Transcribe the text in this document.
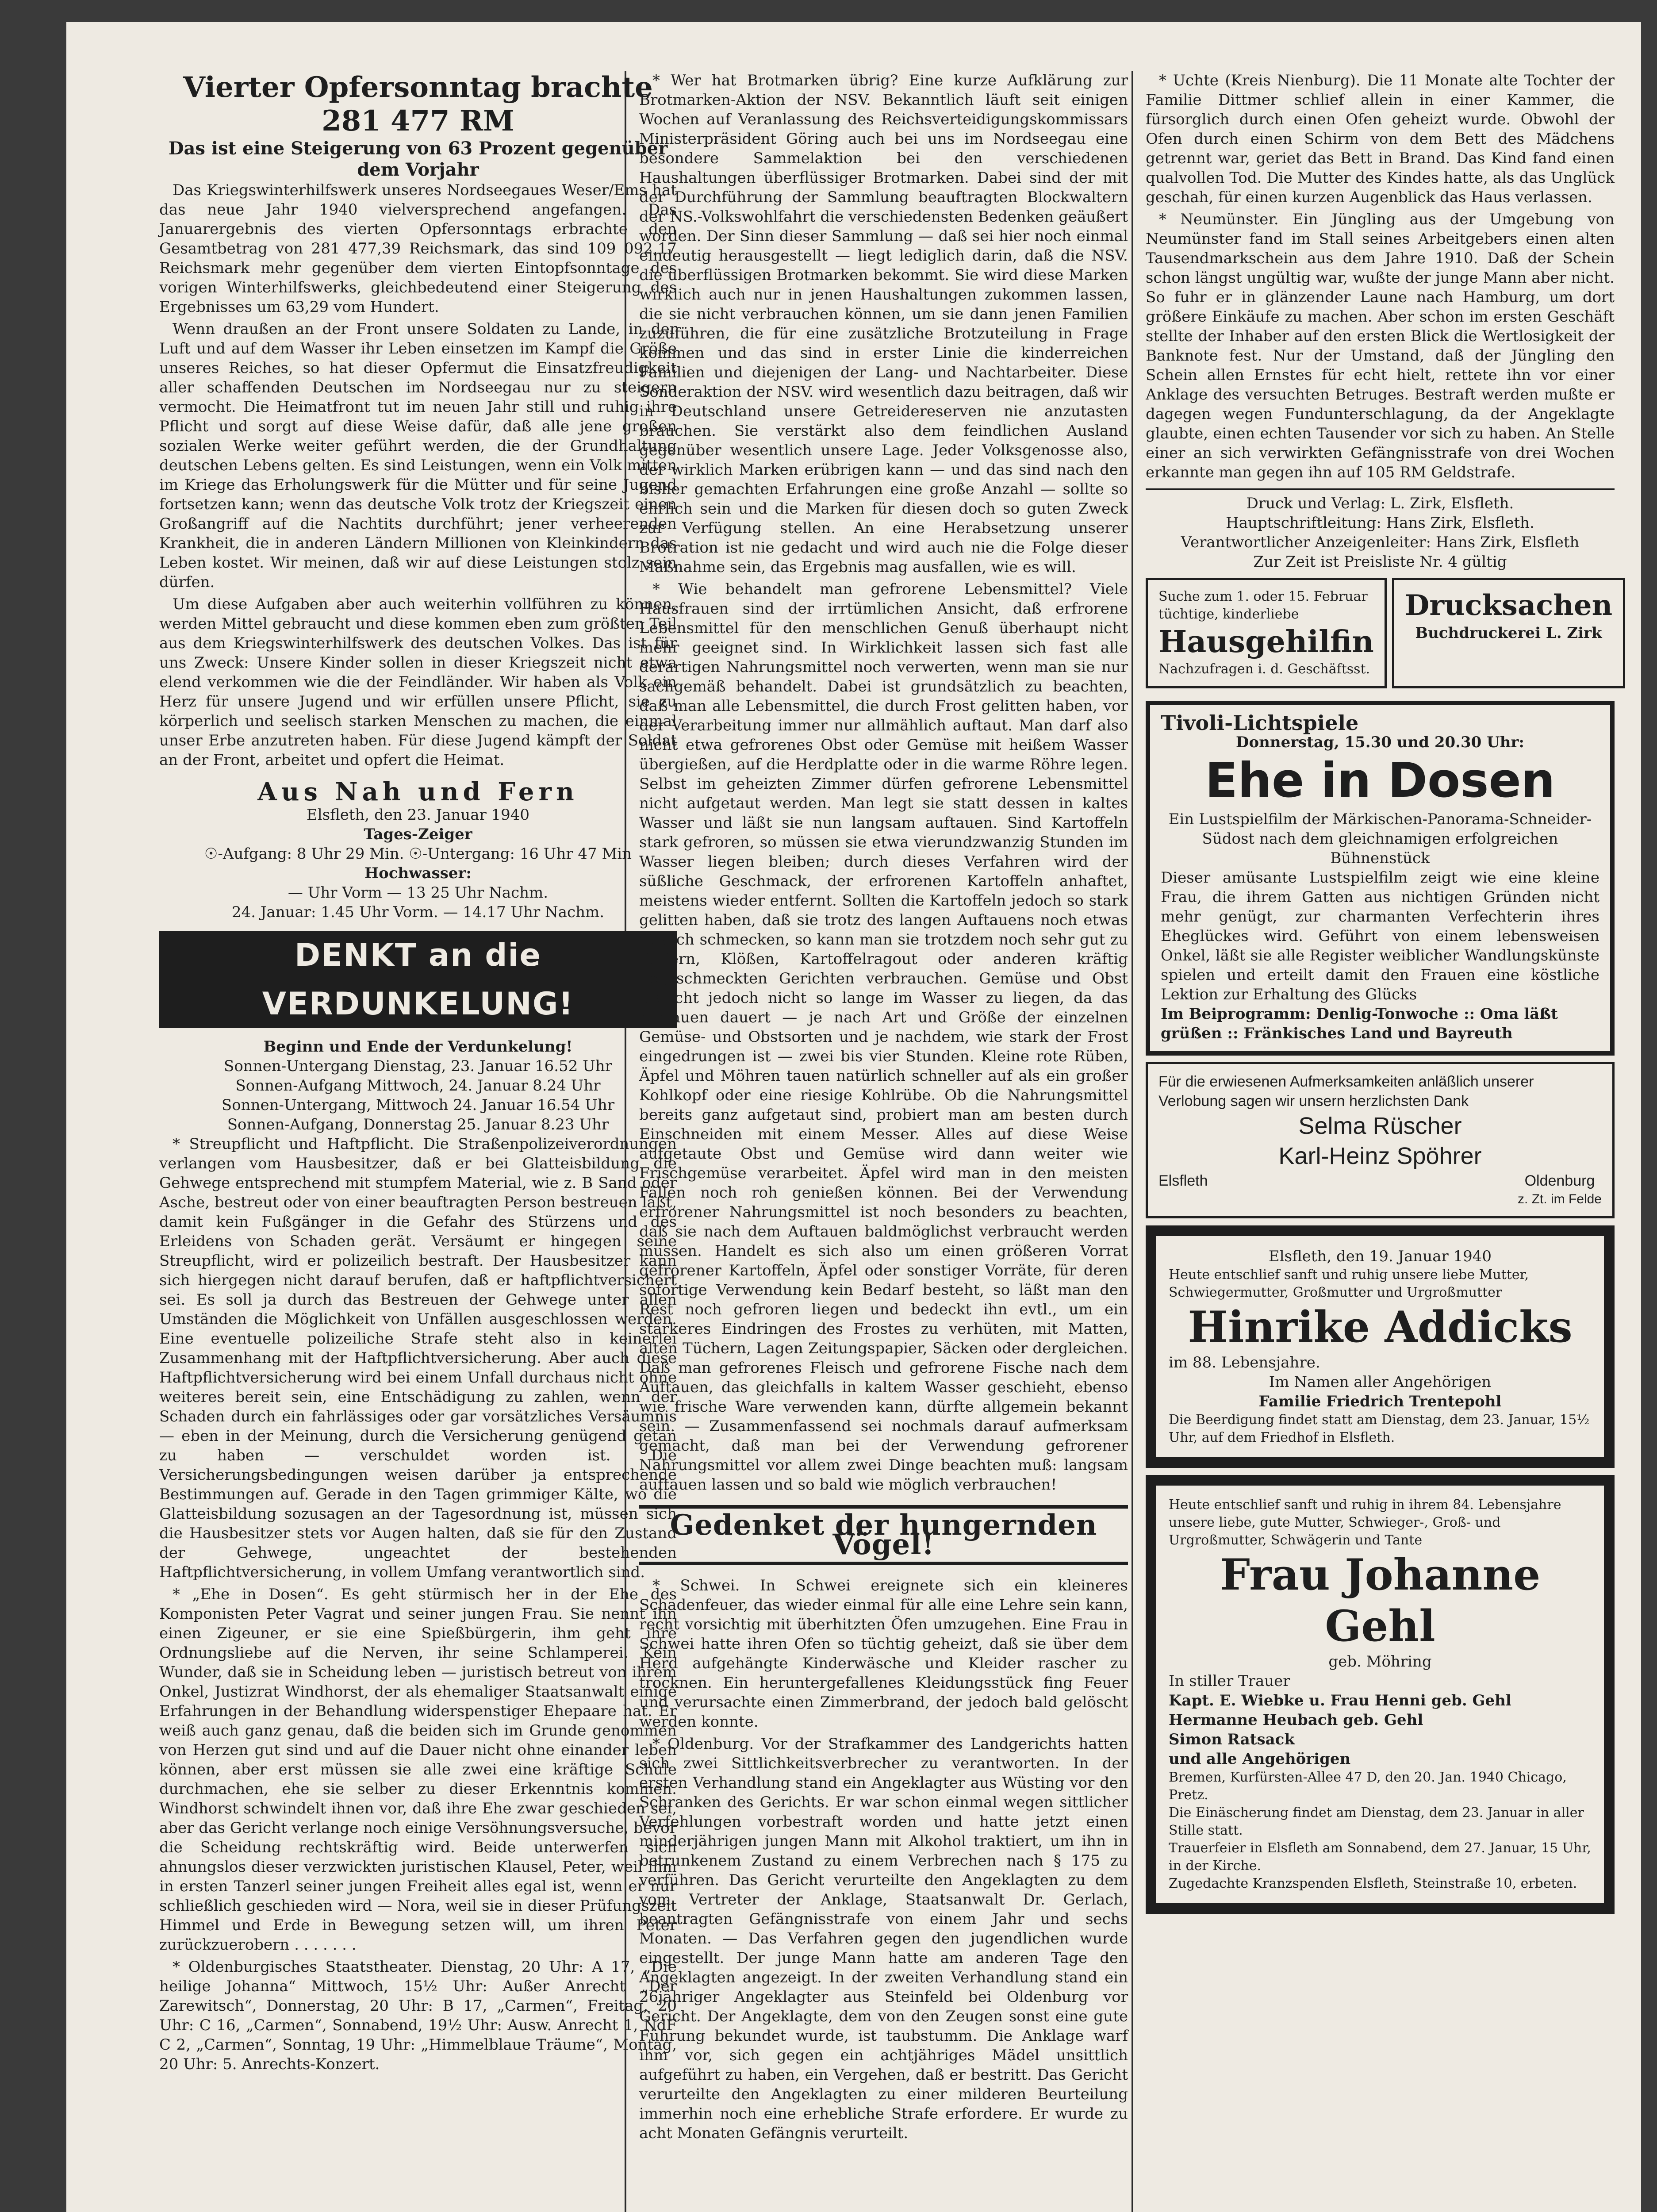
Vierter Opfersonntag brachte 281 477 RM
Das ist eine Steigerung von 63 Prozent gegenüber dem Vorjahr

Das Kriegswinterhilfswerk unseres Nordseegaues Weser/Ems hat das neue Jahr 1940 vielversprechend angefangen. Das Januarergebnis des vierten Opfersonntags erbrachte den Gesamtbetrag von 281 477,39 Reichsmark, das sind 109 092,17 Reichsmark mehr gegenüber dem vierten Eintopfsonntage des vorigen Winterhilfswerks, gleichbedeutend einer Steigerung des Ergebnisses um 63,29 vom Hundert.

Wenn draußen an der Front unsere Soldaten zu Lande, in der Luft und auf dem Wasser ihr Leben einsetzen im Kampf die Größe unseres Reiches, so hat dieser Opfermut die Einsatzfreudigkeit aller schaffenden Deutschen im Nordseegau nur zu steigern vermocht. Die Heimatfront tut im neuen Jahr still und ruhig ihre Pflicht und sorgt auf diese Weise dafür, daß alle jene großen sozialen Werke weiter geführt werden, die der Grundhaltung deutschen Lebens gelten. Es sind Leistungen, wenn ein Volk mitten im Kriege das Erholungswerk für die Mütter und für seine Jugend fortsetzen kann; wenn das deutsche Volk trotz der Kriegszeit einen Großangriff auf die Nachtits durchführt; jener verheerenden Krankheit, die in anderen Ländern Millionen von Kleinkindern das Leben kostet. Wir meinen, daß wir auf diese Leistungen stolz sein dürfen.

Um diese Aufgaben aber auch weiterhin vollführen zu können, werden Mittel gebraucht und diese kommen eben zum größten Teil aus dem Kriegswinterhilfswerk des deutschen Volkes. Das ist für uns Zweck: Unsere Kinder sollen in dieser Kriegszeit nicht etwa elend verkommen wie die der Feindländer. Wir haben als Volk ein Herz für unsere Jugend und wir erfüllen unsere Pflicht, sie zu körperlich und seelisch starken Menschen zu machen, die einmal unser Erbe anzutreten haben. Für diese Jugend kämpft der Soldat an der Front, arbeitet und opfert die Heimat.

Aus Nah und Fern
Elsfleth, den 23. Januar 1940
Tages-Zeiger
☉-Aufgang: 8 Uhr 29 Min. ☉-Untergang: 16 Uhr 47 Min
Hochwasser:
— Uhr Vorm — 13 25 Uhr Nachm.
24. Januar: 1.45 Uhr Vorm. — 14.17 Uhr Nachm.
DENKT an die VERDUNKELUNG!
Beginn und Ende der Verdunkelung!
Sonnen-Untergang Dienstag, 23. Januar 16.52 Uhr
Sonnen-Aufgang Mittwoch, 24. Januar 8.24 Uhr
Sonnen-Untergang, Mittwoch 24. Januar 16.54 Uhr
Sonnen-Aufgang, Donnerstag 25. Januar 8.23 Uhr

* Streupflicht und Haftpflicht. Die Straßenpolizeiverordnungen verlangen vom Hausbesitzer, daß er bei Glatteisbildung die Gehwege entsprechend mit stumpfem Material, wie z. B Sand oder Asche, bestreut oder von einer beauftragten Person bestreuen läßt, damit kein Fußgänger in die Gefahr des Stürzens und des Erleidens von Schaden gerät. Versäumt er hingegen seine Streupflicht, wird er polizeilich bestraft. Der Hausbesitzer kann sich hiergegen nicht darauf berufen, daß er haftpflichtversichert sei. Es soll ja durch das Bestreuen der Gehwege unter allen Umständen die Möglichkeit von Unfällen ausgeschlossen werden. Eine eventuelle polizeiliche Strafe steht also in keinerlei Zusammenhang mit der Haftpflichtversicherung. Aber auch diese Haftpflichtversicherung wird bei einem Unfall durchaus nicht ohne weiteres bereit sein, eine Entschädigung zu zahlen, wenn der Schaden durch ein fahrlässiges oder gar vorsätzliches Versäumnis — eben in der Meinung, durch die Versicherung genügend getan zu haben — verschuldet worden ist. Die Versicherungsbedingungen weisen darüber ja entsprechende Bestimmungen auf. Gerade in den Tagen grimmiger Kälte, wo die Glatteisbildung sozusagen an der Tagesordnung ist, müssen sich die Hausbesitzer stets vor Augen halten, daß sie für den Zustand der Gehwege, ungeachtet der bestehenden Haftpflichtversicherung, in vollem Umfang verantwortlich sind.

* „Ehe in Dosen“. Es geht stürmisch her in der Ehe des Komponisten Peter Vagrat und seiner jungen Frau. Sie nennt ihn einen Zigeuner, er sie eine Spießbürgerin, ihm geht ihre Ordnungsliebe auf die Nerven, ihr seine Schlamperei. Kein Wunder, daß sie in Scheidung leben — juristisch betreut von ihrem Onkel, Justizrat Windhorst, der als ehemaliger Staatsanwalt einige Erfahrungen in der Behandlung widerspenstiger Ehepaare hat. Er weiß auch ganz genau, daß die beiden sich im Grunde genommen von Herzen gut sind und auf die Dauer nicht ohne einander leben können, aber erst müssen sie alle zwei eine kräftige Schule durchmachen, ehe sie selber zu dieser Erkenntnis kommen. Windhorst schwindelt ihnen vor, daß ihre Ehe zwar geschieden sei, aber das Gericht verlange noch einige Versöhnungsversuche, bevor die Scheidung rechtskräftig wird. Beide unterwerfen sich ahnungslos dieser verzwickten juristischen Klausel, Peter, weil ihm in ersten Tanzerl seiner jungen Freiheit alles egal ist, wenn er nur schließlich geschieden wird — Nora, weil sie in dieser Prüfungszeit Himmel und Erde in Bewegung setzen will, um ihren Peter zurückzuerobern . . . . . . .

* Oldenburgisches Staatstheater. Dienstag, 20 Uhr: A 17, „Die heilige Johanna“ Mittwoch, 15½ Uhr: Außer Anrecht „Der Zarewitsch“, Donnerstag, 20 Uhr: B 17, „Carmen“, Freitag, 20 Uhr: C 16, „Carmen“, Sonnabend, 19½ Uhr: Ausw. Anrecht 1, NdF C 2, „Carmen“, Sonntag, 19 Uhr: „Himmelblaue Träume“, Montag, 20 Uhr: 5. Anrechts-Konzert.

* Wer hat Brotmarken übrig? Eine kurze Aufklärung zur Brotmarken-Aktion der NSV. Bekanntlich läuft seit einigen Wochen auf Veranlassung des Reichsverteidigungskommissars Ministerpräsident Göring auch bei uns im Nordseegau eine besondere Sammelaktion bei den verschiedenen Haushaltungen überflüssiger Brotmarken. Dabei sind der mit der Durchführung der Sammlung beauftragten Blockwaltern der NS.-Volkswohlfahrt die verschiedensten Bedenken geäußert worden. Der Sinn dieser Sammlung — daß sei hier noch einmal eindeutig herausgestellt — liegt lediglich darin, daß die NSV. die überflüssigen Brotmarken bekommt. Sie wird diese Marken wirklich auch nur in jenen Haushaltungen zukommen lassen, die sie nicht verbrauchen können, um sie dann jenen Familien zuzuführen, die für eine zusätzliche Brotzuteilung in Frage kommen und das sind in erster Linie die kinderreichen Familien und diejenigen der Lang- und Nachtarbeiter. Diese Sonderaktion der NSV. wird wesentlich dazu beitragen, daß wir in Deutschland unsere Getreidereserven nie anzutasten brauchen. Sie verstärkt also dem feindlichen Ausland gegenüber wesentlich unsere Lage. Jeder Volksgenosse also, der wirklich Marken erübrigen kann — und das sind nach den bisher gemachten Erfahrungen eine große Anzahl — sollte so ehrlich sein und die Marken für diesen doch so guten Zweck zur Verfügung stellen. An eine Herabsetzung unserer Brotration ist nie gedacht und wird auch nie die Folge dieser Maßnahme sein, das Ergebnis mag ausfallen, wie es will.

* Wie behandelt man gefrorene Lebensmittel? Viele Hausfrauen sind der irrtümlichen Ansicht, daß erfrorene Lebensmittel für den menschlichen Genuß überhaupt nicht mehr geeignet sind. In Wirklichkeit lassen sich fast alle derartigen Nahrungsmittel noch verwerten, wenn man sie nur sachgemäß behandelt. Dabei ist grundsätzlich zu beachten, daß man alle Lebensmittel, die durch Frost gelitten haben, vor der Verarbeitung immer nur allmählich auftaut. Man darf also nicht etwa gefrorenes Obst oder Gemüse mit heißem Wasser übergießen, auf die Herdplatte oder in die warme Röhre legen. Selbst im geheizten Zimmer dürfen gefrorene Lebensmittel nicht aufgetaut werden. Man legt sie statt dessen in kaltes Wasser und läßt sie nun langsam auftauen. Sind Kartoffeln stark gefroren, so müssen sie etwa vierundzwanzig Stunden im Wasser liegen bleiben; durch dieses Verfahren wird der süßliche Geschmack, der erfrorenen Kartoffeln anhaftet, meistens wieder entfernt. Sollten die Kartoffeln jedoch so stark gelitten haben, daß sie trotz des langen Auftauens noch etwas süßlich schmecken, so kann man sie trotzdem noch sehr gut zu Puffern, Klößen, Kartoffelragout oder anderen kräftig abgeschmeckten Gerichten verbrauchen. Gemüse und Obst braucht jedoch nicht so lange im Wasser zu liegen, da das Auftauen dauert — je nach Art und Größe der einzelnen Gemüse- und Obstsorten und je nachdem, wie stark der Frost eingedrungen ist — zwei bis vier Stunden. Kleine rote Rüben, Äpfel und Möhren tauen natürlich schneller auf als ein großer Kohlkopf oder eine riesige Kohlrübe. Ob die Nahrungsmittel bereits ganz aufgetaut sind, probiert man am besten durch Einschneiden mit einem Messer. Alles auf diese Weise aufgetaute Obst und Gemüse wird dann weiter wie Frischgemüse verarbeitet. Äpfel wird man in den meisten Fällen noch roh genießen können. Bei der Verwendung erfrorener Nahrungsmittel ist noch besonders zu beachten, daß sie nach dem Auftauen baldmöglichst verbraucht werden müssen. Handelt es sich also um einen größeren Vorrat gefrorener Kartoffeln, Äpfel oder sonstiger Vorräte, für deren sofortige Verwendung kein Bedarf besteht, so läßt man den Rest noch gefroren liegen und bedeckt ihn evtl., um ein stärkeres Eindringen des Frostes zu verhüten, mit Matten, alten Tüchern, Lagen Zeitungspapier, Säcken oder dergleichen. Daß man gefrorenes Fleisch und gefrorene Fische nach dem Auftauen, das gleichfalls in kaltem Wasser geschieht, ebenso wie frische Ware verwenden kann, dürfte allgemein bekannt sein. — Zusammenfassend sei nochmals darauf aufmerksam gemacht, daß man bei der Verwendung gefrorener Nahrungsmittel vor allem zwei Dinge beachten muß: langsam auftauen lassen und so bald wie möglich verbrauchen!

Gedenket der hungernden Vögel!

* Schwei. In Schwei ereignete sich ein kleineres Schadenfeuer, das wieder einmal für alle eine Lehre sein kann, recht vorsichtig mit überhitzten Öfen umzugehen. Eine Frau in Schwei hatte ihren Ofen so tüchtig geheizt, daß sie über dem Herd aufgehängte Kinderwäsche und Kleider rascher zu trocknen. Ein heruntergefallenes Kleidungsstück fing Feuer und verursachte einen Zimmerbrand, der jedoch bald gelöscht werden konnte.

* Oldenburg. Vor der Strafkammer des Landgerichts hatten sich zwei Sittlichkeitsverbrecher zu verantworten. In der ersten Verhandlung stand ein Angeklagter aus Wüsting vor den Schranken des Gerichts. Er war schon einmal wegen sittlicher Verfehlungen vorbestraft worden und hatte jetzt einen minderjährigen jungen Mann mit Alkohol traktiert, um ihn in betrunkenem Zustand zu einem Verbrechen nach § 175 zu verführen. Das Gericht verurteilte den Angeklagten zu dem vom Vertreter der Anklage, Staatsanwalt Dr. Gerlach, beantragten Gefängnisstrafe von einem Jahr und sechs Monaten. — Das Verfahren gegen den jugendlichen wurde eingestellt. Der junge Mann hatte am anderen Tage den Angeklagten angezeigt. In der zweiten Verhandlung stand ein 26jähriger Angeklagter aus Steinfeld bei Oldenburg vor Gericht. Der Angeklagte, dem von den Zeugen sonst eine gute Führung bekundet wurde, ist taubstumm. Die Anklage warf ihm vor, sich gegen ein achtjähriges Mädel unsittlich aufgeführt zu haben, ein Vergehen, daß er bestritt. Das Gericht verurteilte den Angeklagten zu einer milderen Beurteilung immerhin noch eine erhebliche Strafe erfordere. Er wurde zu acht Monaten Gefängnis verurteilt.

* Uchte (Kreis Nienburg). Die 11 Monate alte Tochter der Familie Dittmer schlief allein in einer Kammer, die fürsorglich durch einen Ofen geheizt wurde. Obwohl der Ofen durch einen Schirm von dem Bett des Mädchens getrennt war, geriet das Bett in Brand. Das Kind fand einen qualvollen Tod. Die Mutter des Kindes hatte, als das Unglück geschah, für einen kurzen Augenblick das Haus verlassen.

* Neumünster. Ein Jüngling aus der Umgebung von Neumünster fand im Stall seines Arbeitgebers einen alten Tausendmarkschein aus dem Jahre 1910. Daß der Schein schon längst ungültig war, wußte der junge Mann aber nicht. So fuhr er in glänzender Laune nach Hamburg, um dort größere Einkäufe zu machen. Aber schon im ersten Geschäft stellte der Inhaber auf den ersten Blick die Wertlosigkeit der Banknote fest. Nur der Umstand, daß der Jüngling den Schein allen Ernstes für echt hielt, rettete ihn vor einer Anklage des versuchten Betruges. Bestraft werden mußte er dagegen wegen Fundunterschlagung, da der Angeklagte glaubte, einen echten Tausender vor sich zu haben. An Stelle einer an sich verwirkten Gefängnisstrafe von drei Wochen erkannte man gegen ihn auf 105 RM Geldstrafe.

Druck und Verlag: L. Zirk, Elsfleth.
Hauptschriftleitung: Hans Zirk, Elsfleth.
Verantwortlicher Anzeigenleiter: Hans Zirk, Elsfleth
Zur Zeit ist Preisliste Nr. 4 gültig
Suche zum 1. oder 15. Februar tüchtige, kinderliebe
Hausgehilfin
Nachzufragen i. d. Geschäftsst.
Drucksachen
Buchdruckerei L. Zirk
Tivoli-Lichtspiele
Donnerstag, 15.30 und 20.30 Uhr:
Ehe in Dosen
Ein Lustspielfilm der Märkischen-Panorama-Schneider-Südost nach dem gleichnamigen erfolgreichen Bühnenstück
Dieser amüsante Lustspielfilm zeigt wie eine kleine Frau, die ihrem Gatten aus nichtigen Gründen nicht mehr genügt, zur charmanten Verfechterin ihres Eheglückes wird. Geführt von einem lebensweisen Onkel, läßt sie alle Register weiblicher Wandlungskünste spielen und erteilt damit den Frauen eine köstliche Lektion zur Erhaltung des Glücks
Im Beiprogramm: Denlig-Tonwoche :: Oma läßt grüßen :: Fränkisches Land und Bayreuth
Für die erwiesenen Aufmerksamkeiten anläßlich unserer Verlobung sagen wir unsern herzlichsten Dank
Selma Rüscher
Karl-Heinz Spöhrer
Elsfleth	Oldenburg
z. Zt. im Felde
Elsfleth, den 19. Januar 1940
Heute entschlief sanft und ruhig unsere liebe Mutter, Schwiegermutter, Großmutter und Urgroßmutter
Hinrike Addicks
im 88. Lebensjahre.
Im Namen aller Angehörigen
Familie Friedrich Trentepohl
Die Beerdigung findet statt am Dienstag, dem 23. Januar, 15½ Uhr, auf dem Friedhof in Elsfleth.
Heute entschlief sanft und ruhig in ihrem 84. Lebensjahre unsere liebe, gute Mutter, Schwieger-, Groß- und Urgroßmutter, Schwägerin und Tante
Frau Johanne Gehl
geb. Möhring
In stiller Trauer
Kapt. E. Wiebke u. Frau Henni geb. Gehl
Hermanne Heubach geb. Gehl
Simon Ratsack
und alle Angehörigen
Bremen, Kurfürsten-Allee 47 D, den 20. Jan. 1940 Chicago, Pretz.
Die Einäscherung findet am Dienstag, dem 23. Januar in aller Stille statt.
Trauerfeier in Elsfleth am Sonnabend, dem 27. Januar, 15 Uhr, in der Kirche.
Zugedachte Kranzspenden Elsfleth, Steinstraße 10, erbeten.
